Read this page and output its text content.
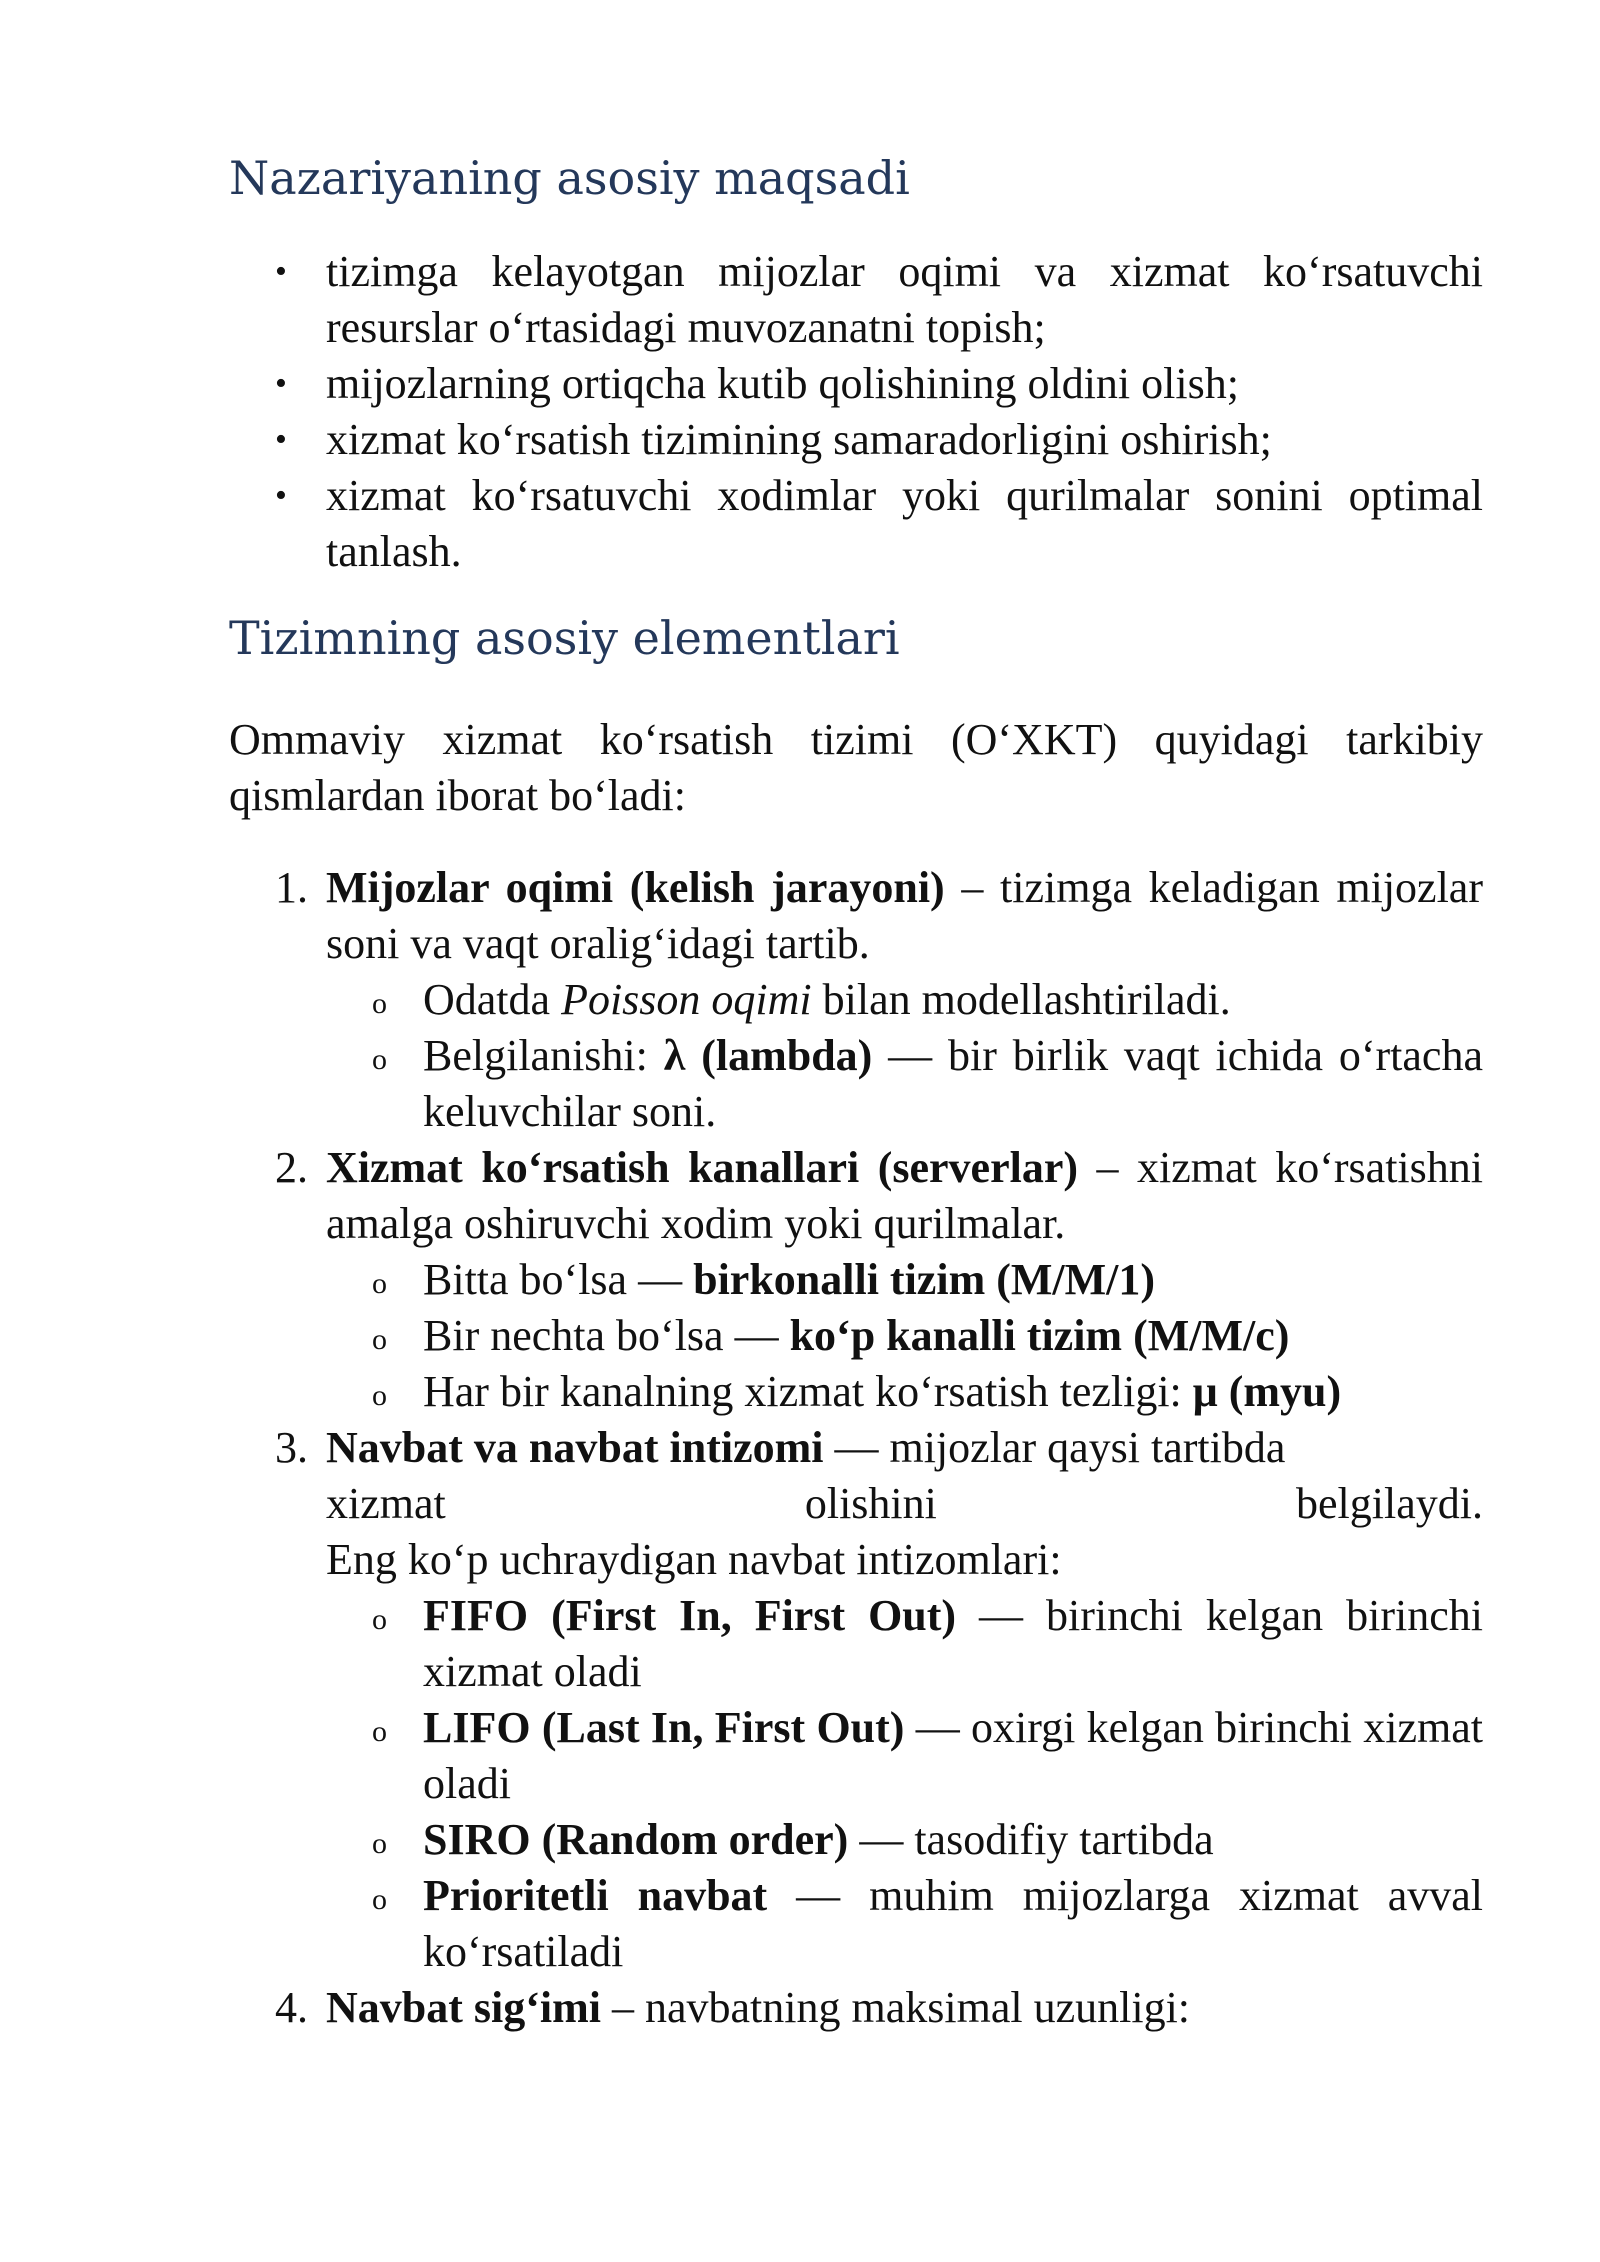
Nazariyaning asosiy maqsadi
• tizimga kelayotgan mijozlar oqimi va xizmat ko‘rsatuvchi resurslar o‘rtasidagi muvozanatni topish;
• mijozlarning ortiqcha kutib qolishining oldini olish;
• xizmat ko‘rsatish tizimining samaradorligini oshirish;
• xizmat ko‘rsatuvchi xodimlar yoki qurilmalar sonini optimal tanlash.
Tizimning asosiy elementlari

Ommaviy xizmat ko‘rsatish tizimi (O‘XKT) quyidagi tarkibiy qismlardan iborat bo‘ladi:

1. Mijozlar oqimi (kelish jarayoni) – tizimga keladigan mijozlar soni va vaqt oralig‘idagi tartib.
o Odatda Poisson oqimi bilan modellashtiriladi.
o Belgilanishi: λ (lambda) — bir birlik vaqt ichida o‘rtacha keluvchilar soni.
2. Xizmat ko‘rsatish kanallari (serverlar) – xizmat ko‘rsatishni amalga oshiruvchi xodim yoki qurilmalar.
o Bitta bo‘lsa — birkonalli tizim (M/M/1)
o Bir nechta bo‘lsa — ko‘p kanalli tizim (M/M/c)
o Har bir kanalning xizmat ko‘rsatish tezligi: μ (myu)
3. Navbat va navbat intizomi — mijozlar qaysi tartibda
xizmat	olishini	belgilaydi.
Eng ko‘p uchraydigan navbat intizomlari:
o FIFO (First In, First Out) — birinchi kelgan birinchi xizmat oladi
o LIFO (Last In, First Out) — oxirgi kelgan birinchi xizmat oladi
o SIRO (Random order) — tasodifiy tartibda
o Prioritetli navbat — muhim mijozlarga xizmat avval ko‘rsatiladi
4. Navbat sig‘imi – navbatning maksimal uzunligi:
